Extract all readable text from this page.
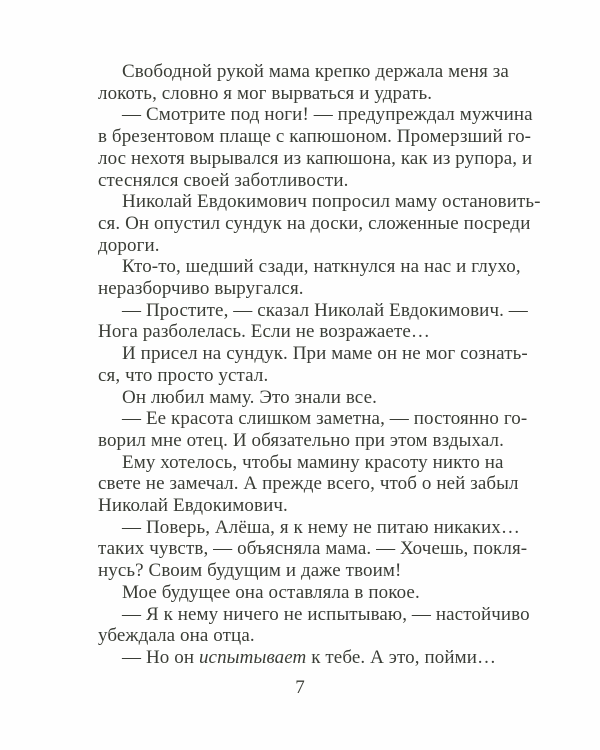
Свободной рукой мама крепко держала меня за
локоть, словно я мог вырваться и удрать.
— Смотрите под ноги! — предупреждал мужчина
в брезентовом плаще с капюшоном. Промерзший го-
лос нехотя вырывался из капюшона, как из рупора, и
стеснялся своей заботливости.
Николай Евдокимович попросил маму остановить-
ся. Он опустил сундук на доски, сложенные посреди
дороги.
Кто-то, шедший сзади, наткнулся на нас и глухо,
неразборчиво выругался.
— Простите, — сказал Николай Евдокимович. —
Нога разболелась. Если не возражаете…
И присел на сундук. При маме он не мог сознать-
ся, что просто устал.
Он любил маму. Это знали все.
— Ее красота слишком заметна, — постоянно го-
ворил мне отец. И обязательно при этом вздыхал.
Ему хотелось, чтобы мамину красоту никто на
свете не замечал. А прежде всего, чтоб о ней забыл
Николай Евдокимович.
— Поверь, Алёша, я к нему не питаю никаких…
таких чувств, — объясняла мама. — Хочешь, покля-
нусь? Своим будущим и даже твоим!
Мое будущее она оставляла в покое.
— Я к нему ничего не испытываю, — настойчиво
убеждала она отца.
— Но он испытывает к тебе. А это, пойми…
7
